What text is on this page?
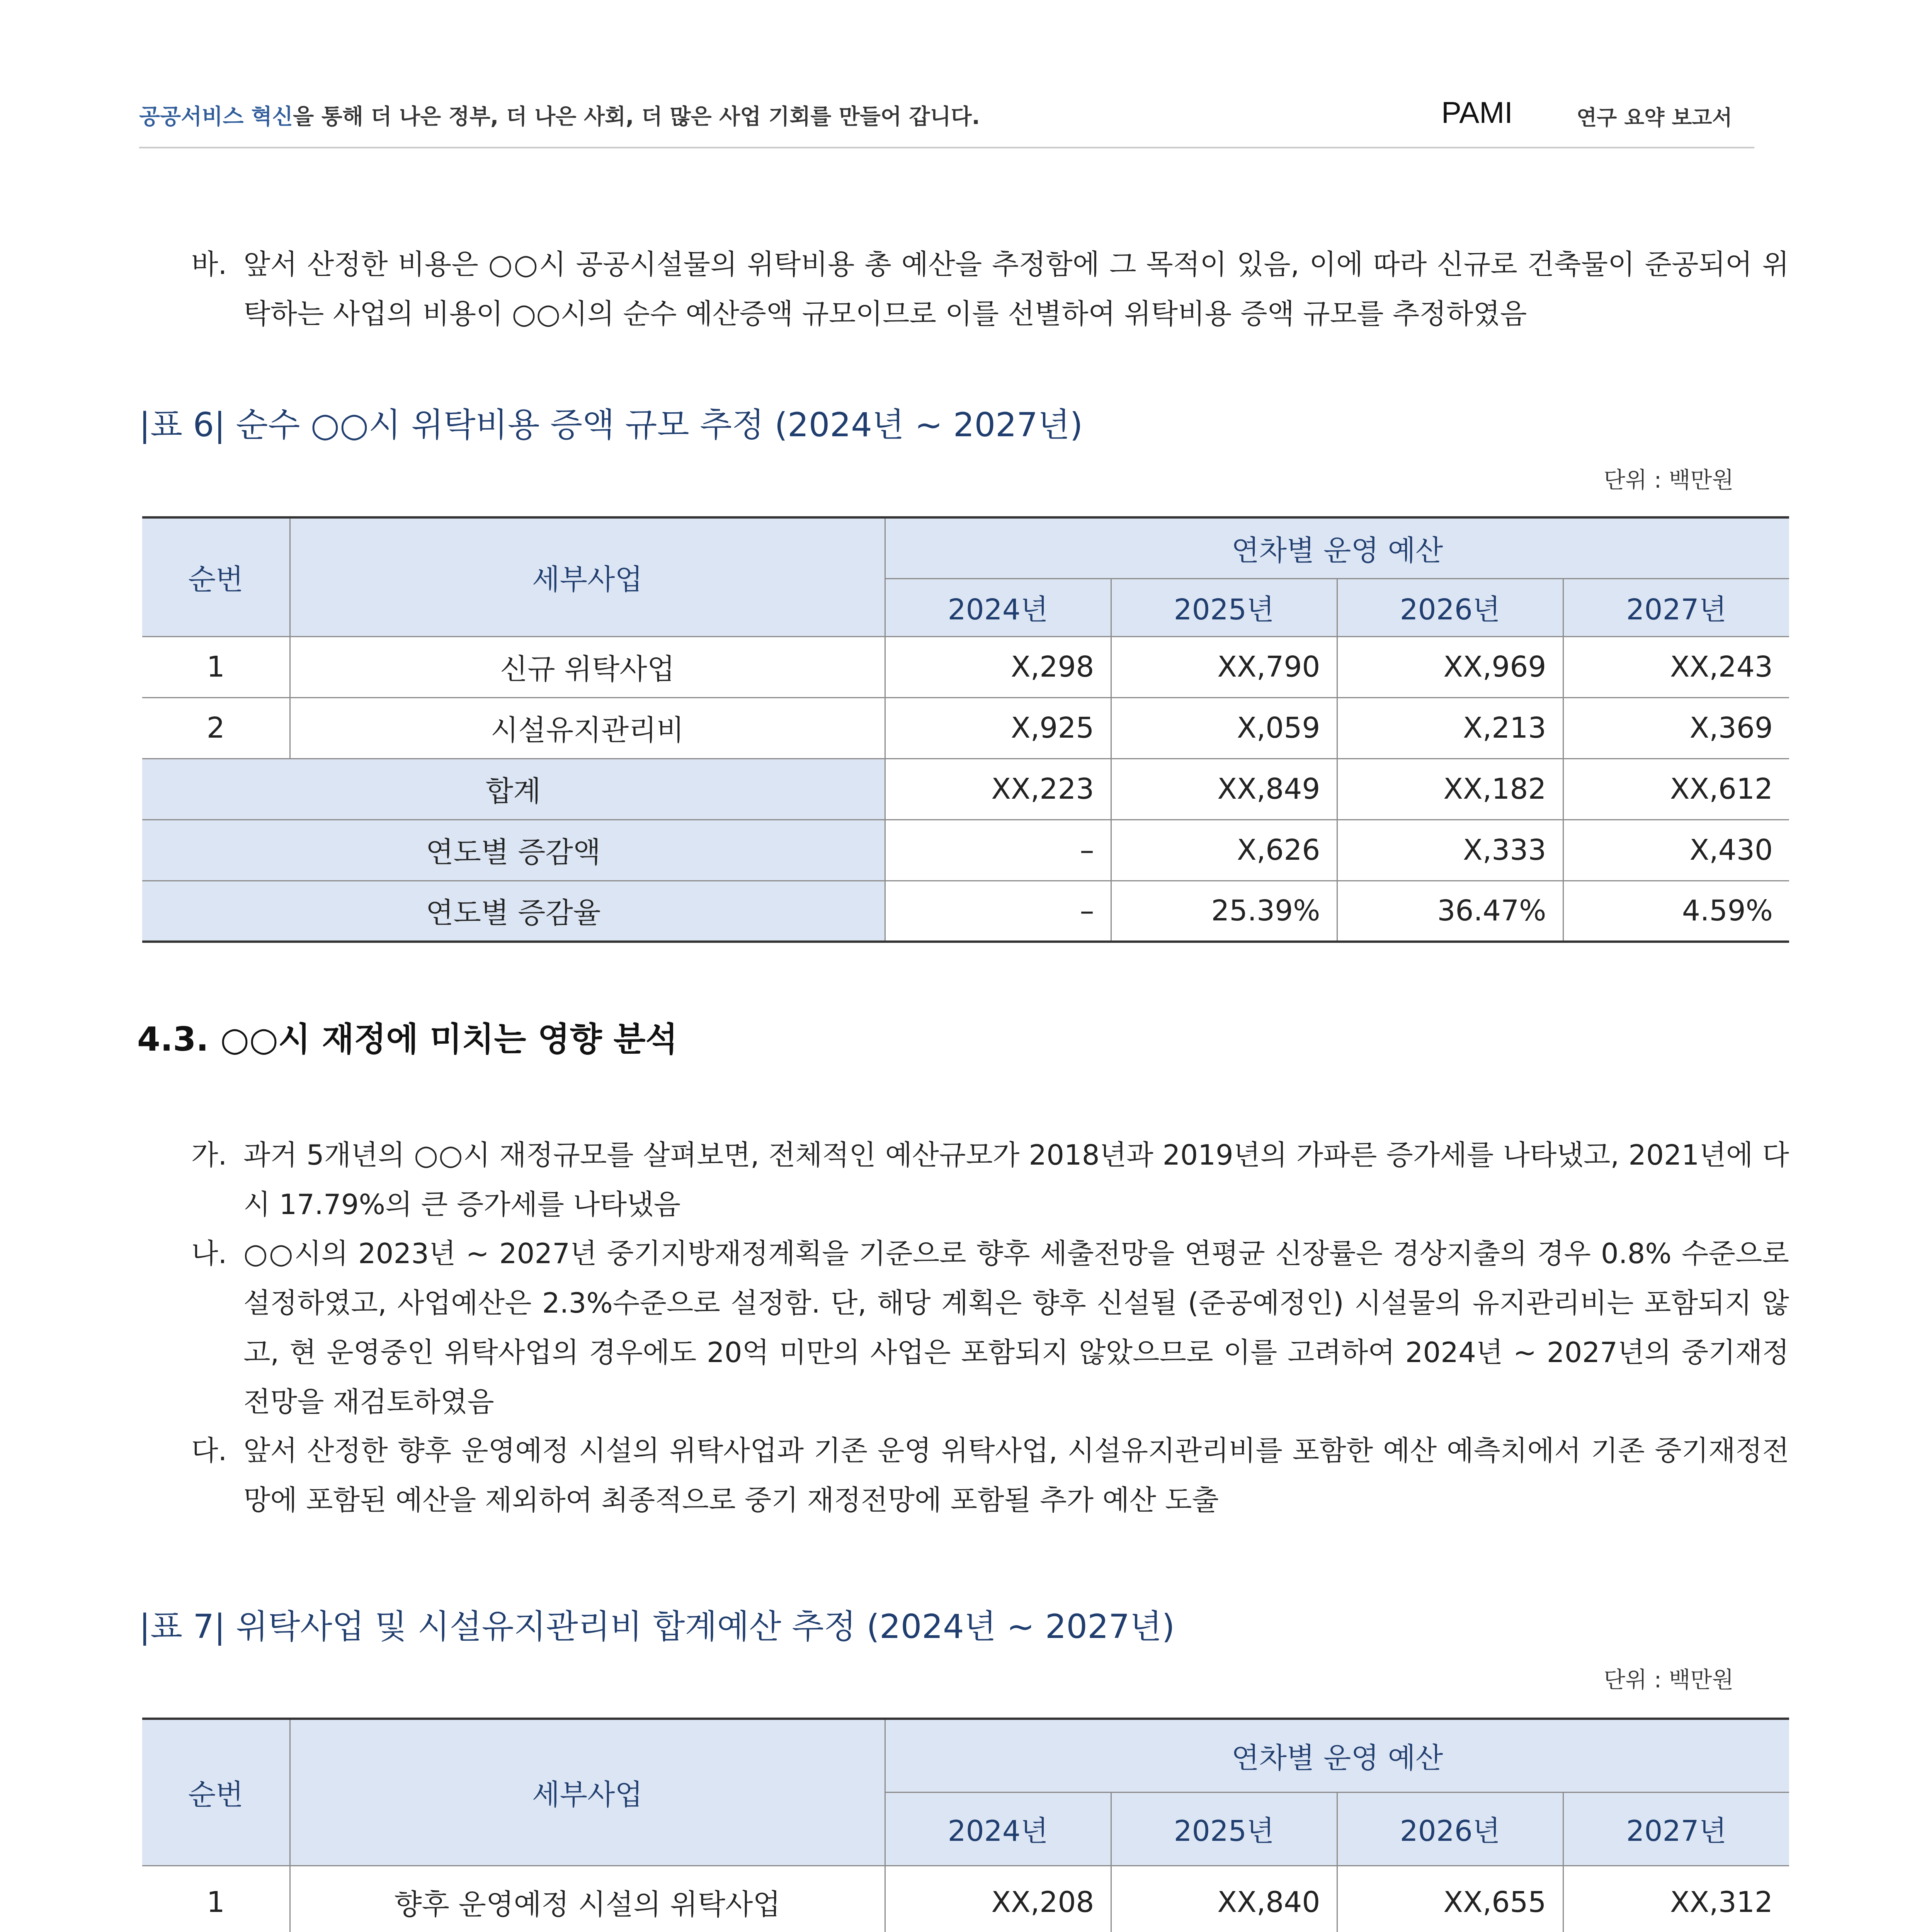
공공서비스 혁신을 통해 더 나은 정부, 더 나은 사회, 더 많은 사업 기회를 만들어 갑니다.	PAMI	연구 요약 보고서
바. 앞서 산정한 비용은 ○○시 공공시설물의 위탁비용 총 예산을 추정함에 그 목적이 있음, 이에 따라 신규로 건축물이 준공되어 위탁하는 사업의 비용이 ○○시의 순수 예산증액 규모이므로 이를 선별하여 위탁비용 증액 규모를 추정하였음
|표 6| 순수 ○○시 위탁비용 증액 규모 추정 (2024년 ~ 2027년)
단위 : 백만원
순번	세부사업	연차별 운영 예산			
		2024년	2025년	2026년	2027년
1	신규 위탁사업	X,298	XX,790	XX,969	XX,243
2	시설유지관리비	X,925	X,059	X,213	X,369
합계		XX,223	XX,849	XX,182	XX,612
연도별 증감액		–	X,626	X,333	X,430
연도별 증감율		–	25.39%	36.47%	4.59%
4.3. ○○시 재정에 미치는 영향 분석
가. 과거 5개년의 ○○시 재정규모를 살펴보면, 전체적인 예산규모가 2018년과 2019년의 가파른 증가세를 나타냈고, 2021년에 다시 17.79%의 큰 증가세를 나타냈음
나. ○○시의 2023년 ~ 2027년 중기지방재정계획을 기준으로 향후 세출전망을 연평균 신장률은 경상지출의 경우 0.8% 수준으로 설정하였고, 사업예산은 2.3%수준으로 설정함. 단, 해당 계획은 향후 신설될 (준공예정인) 시설물의 유지관리비는 포함되지 않고, 현 운영중인 위탁사업의 경우에도 20억 미만의 사업은 포함되지 않았으므로 이를 고려하여 2024년 ~ 2027년의 중기재정전망을 재검토하였음
다. 앞서 산정한 향후 운영예정 시설의 위탁사업과 기존 운영 위탁사업, 시설유지관리비를 포함한 예산 예측치에서 기존 중기재정전망에 포함된 예산을 제외하여 최종적으로 중기 재정전망에 포함될 추가 예산 도출
|표 7| 위탁사업 및 시설유지관리비 합계예산 추정 (2024년 ~ 2027년)
단위 : 백만원
순번	세부사업	연차별 운영 예산			
		2024년	2025년	2026년	2027년
1	향후 운영예정 시설의 위탁사업	XX,208	XX,840	XX,655	XX,312
